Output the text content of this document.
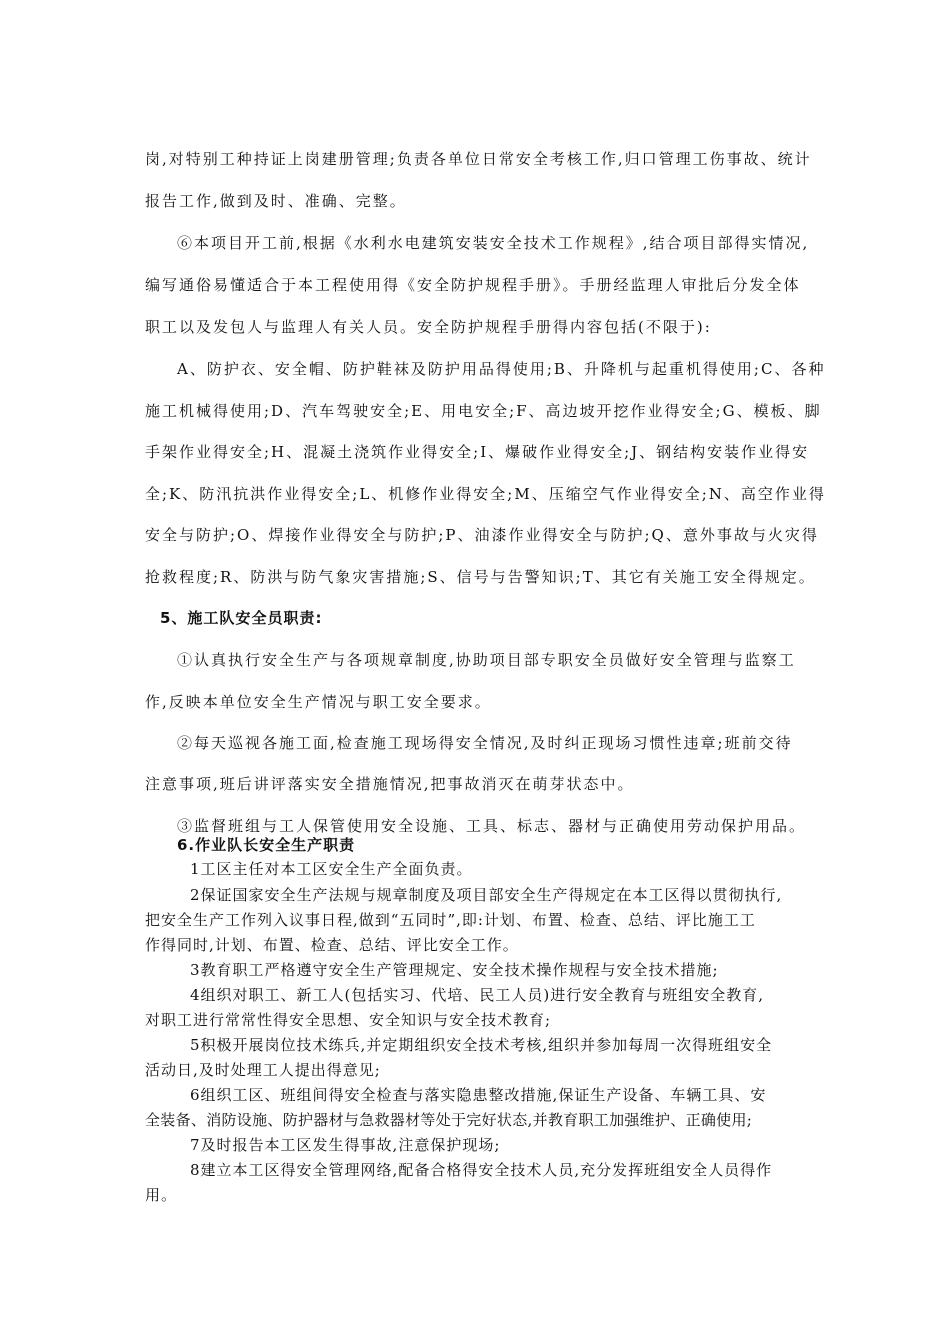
岗,对特别工种持证上岗建册管理;负责各单位日常安全考核工作,归口管理工伤事故、统计

报告工作,做到及时、准确、完整。

⑥本项目开工前,根据《水利水电建筑安装安全技术工作规程》,结合项目部得实情况,

编写通俗易懂适合于本工程使用得《安全防护规程手册》。手册经监理人审批后分发全体

职工以及发包人与监理人有关人员。安全防护规程手册得内容包括(不限于):

A、防护衣、安全帽、防护鞋袜及防护用品得使用;B、升降机与起重机得使用;C、各种

施工机械得使用;D、汽车驾驶安全;E、用电安全;F、高边坡开挖作业得安全;G、模板、脚

手架作业得安全;H、混凝土浇筑作业得安全;I、爆破作业得安全;J、钢结构安装作业得安

全;K、防汛抗洪作业得安全;L、机修作业得安全;M、压缩空气作业得安全;N、高空作业得

安全与防护;O、焊接作业得安全与防护;P、油漆作业得安全与防护;Q、意外事故与火灾得

抢救程度;R、防洪与防气象灾害措施;S、信号与告警知识;T、其它有关施工安全得规定。

5、施工队安全员职责:

①认真执行安全生产与各项规章制度,协助项目部专职安全员做好安全管理与监察工

作,反映本单位安全生产情况与职工安全要求。

②每天巡视各施工面,检查施工现场得安全情况,及时纠正现场习惯性违章;班前交待

注意事项,班后讲评落实安全措施情况,把事故消灭在萌芽状态中。

③监督班组与工人保管使用安全设施、工具、标志、器材与正确使用劳动保护用品。

6.作业队长安全生产职责

1工区主任对本工区安全生产全面负责。

2保证国家安全生产法规与规章制度及项目部安全生产得规定在本工区得以贯彻执行,

把安全生产工作列入议事日程,做到“五同时”,即:计划、布置、检查、总结、评比施工工

作得同时,计划、布置、检查、总结、评比安全工作。

3教育职工严格遵守安全生产管理规定、安全技术操作规程与安全技术措施;

4组织对职工、新工人(包括实习、代培、民工人员)进行安全教育与班组安全教育,

对职工进行常常性得安全思想、安全知识与安全技术教育;

5积极开展岗位技术练兵,并定期组织安全技术考核,组织并参加每周一次得班组安全

活动日,及时处理工人提出得意见;

6组织工区、班组间得安全检查与落实隐患整改措施,保证生产设备、车辆工具、安

全装备、消防设施、防护器材与急救器材等处于完好状态,并教育职工加强维护、正确使用;

7及时报告本工区发生得事故,注意保护现场;

8建立本工区得安全管理网络,配备合格得安全技术人员,充分发挥班组安全人员得作

用。
